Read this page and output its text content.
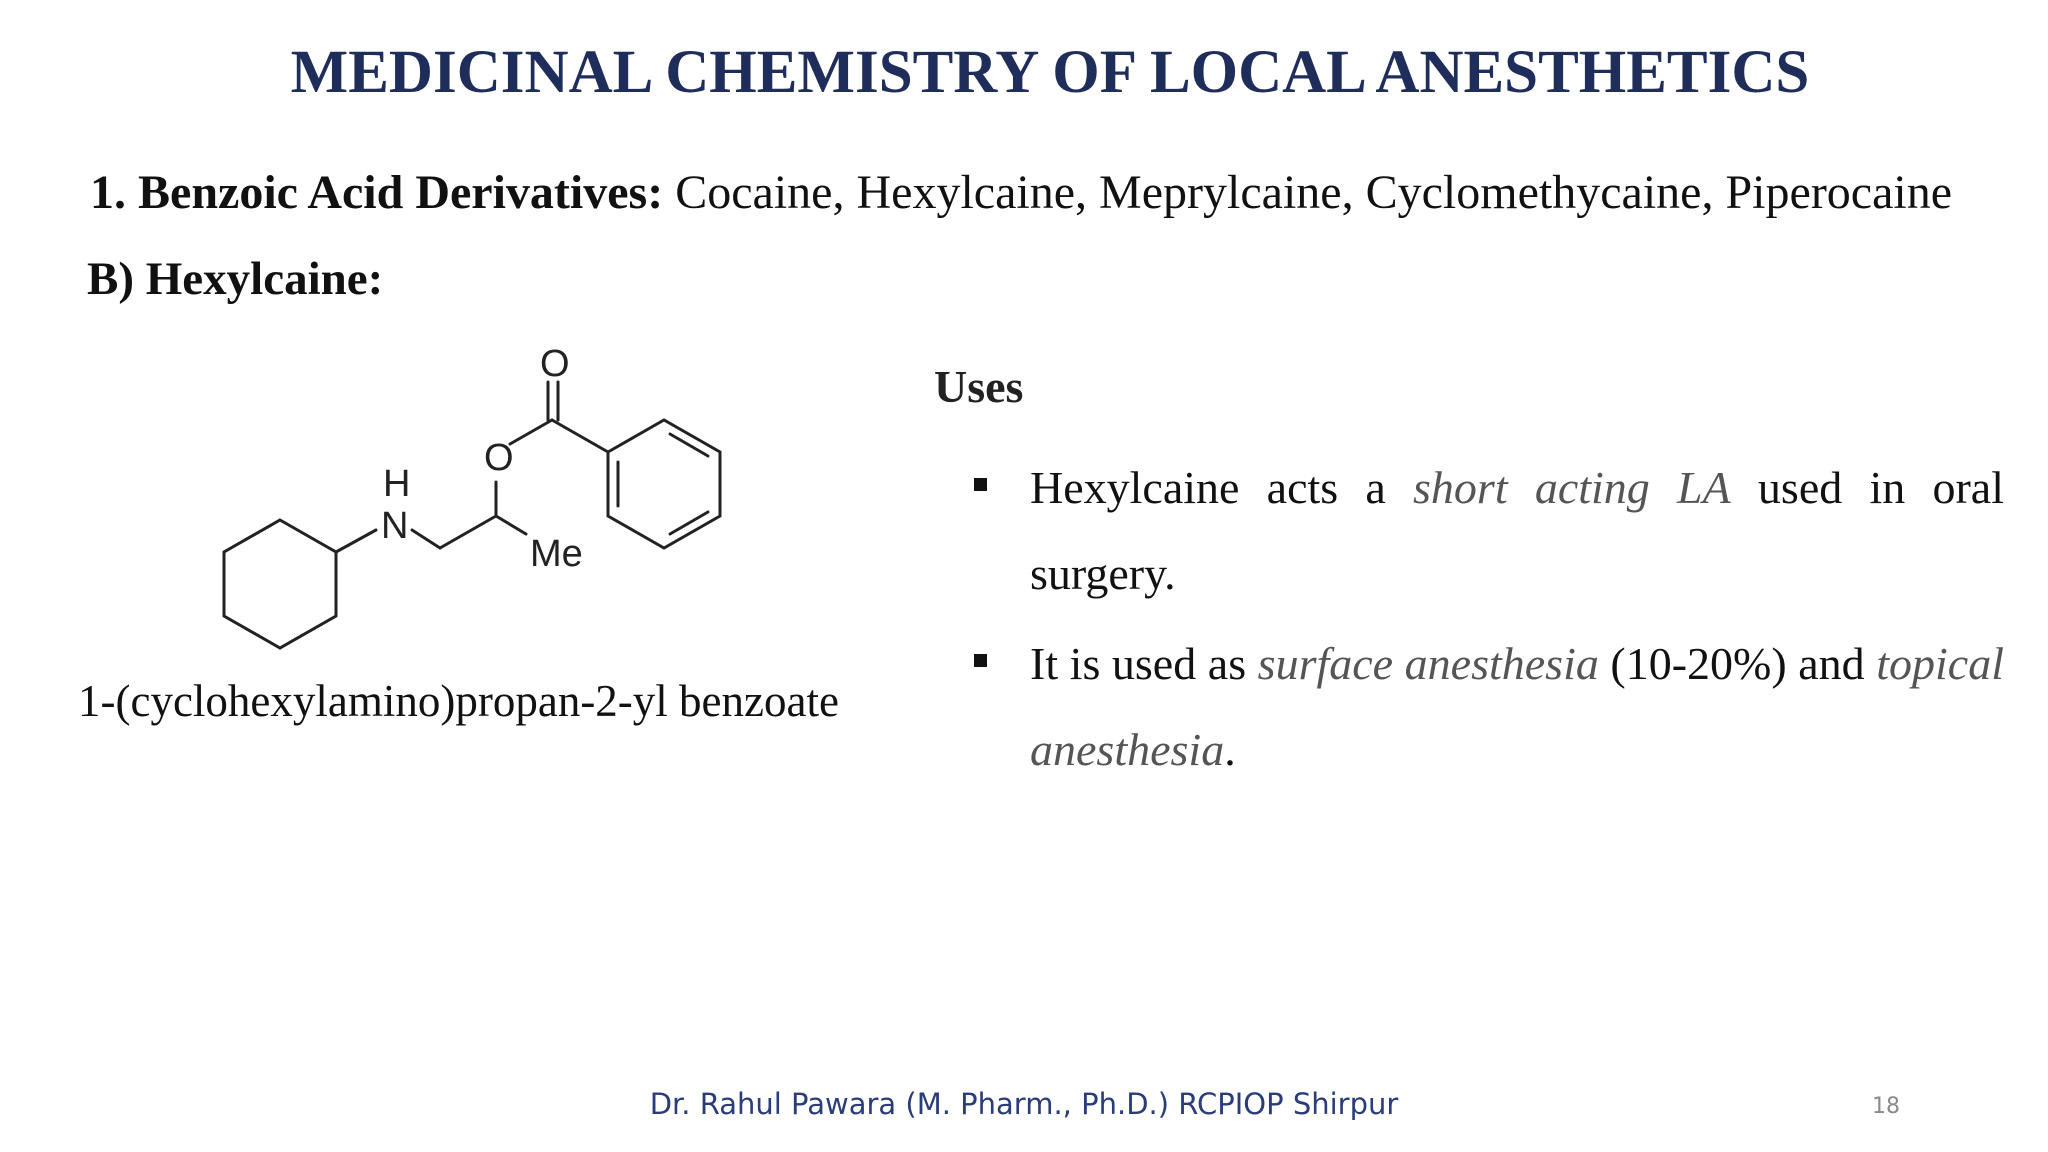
MEDICINAL CHEMISTRY OF LOCAL ANESTHETICS
1. Benzoic Acid Derivatives: Cocaine, Hexylcaine, Meprylcaine, Cyclomethycaine, Piperocaine
B) Hexylcaine:
O
O
H
N
Me
1-(cyclohexylamino)propan-2-yl benzoate
Uses
Hexylcaine acts a short acting LA used in oral surgery.
It is used as surface anesthesia (10-20%) and topical anesthesia.
Dr. Rahul Pawara (M. Pharm., Ph.D.) RCPIOP Shirpur	18
